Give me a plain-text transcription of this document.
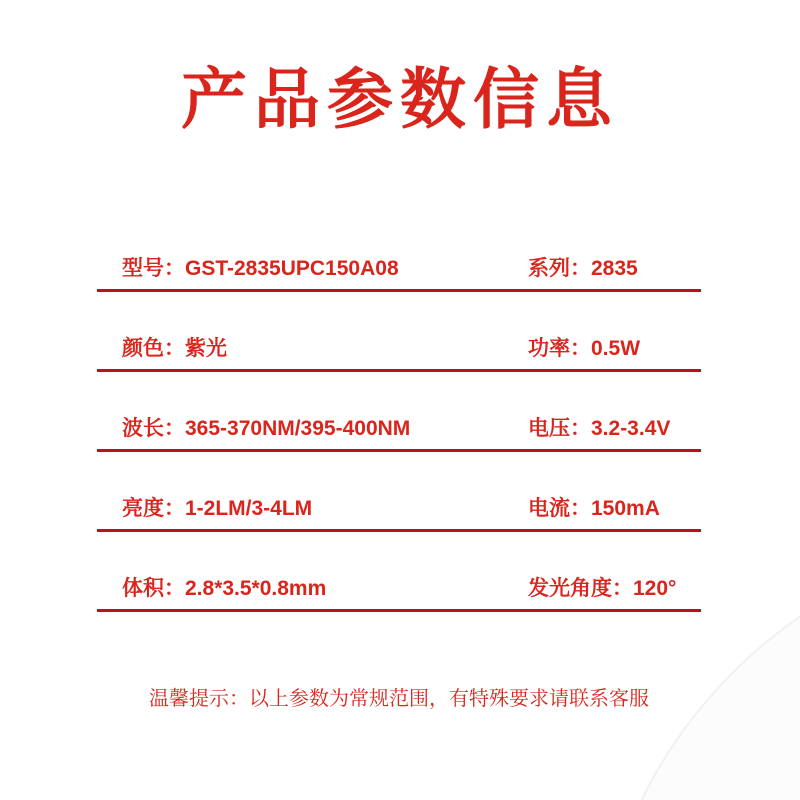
产品参数信息
型号：GST-2835UPC150A08	系列：2835
颜色：紫光	功率：0.5W
波长：365-370NM/395-400NM	电压：3.2-3.4V
亮度：1-2LM/3-4LM	电流：150mA
体积：2.8*3.5*0.8mm	发光角度：120°
温馨提示：以上参数为常规范围，有特殊要求请联系客服
